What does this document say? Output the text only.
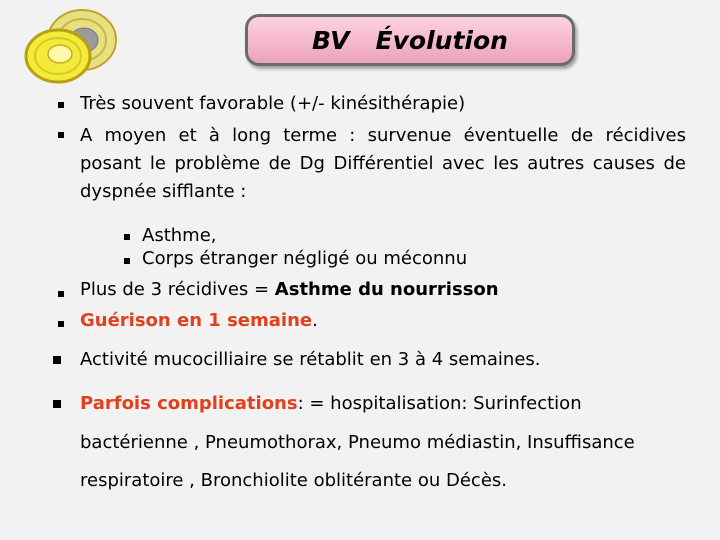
BV   Évolution
Très souvent favorable (+/- kinésithérapie)
A moyen et à long terme : survenue éventuelle de récidives posant le problème de Dg Différentiel avec les autres causes de dyspnée sifflante :
Asthme,
Corps étranger négligé ou méconnu
Plus de 3 récidives = Asthme du nourrisson
Guérison en 1 semaine.
Activité mucocilliaire se rétablit en 3 à 4 semaines.
Parfois complications: = hospitalisation: Surinfection
bactérienne , Pneumothorax, Pneumo médiastin, Insuffisance
respiratoire , Bronchiolite oblitérante ou Décès.
